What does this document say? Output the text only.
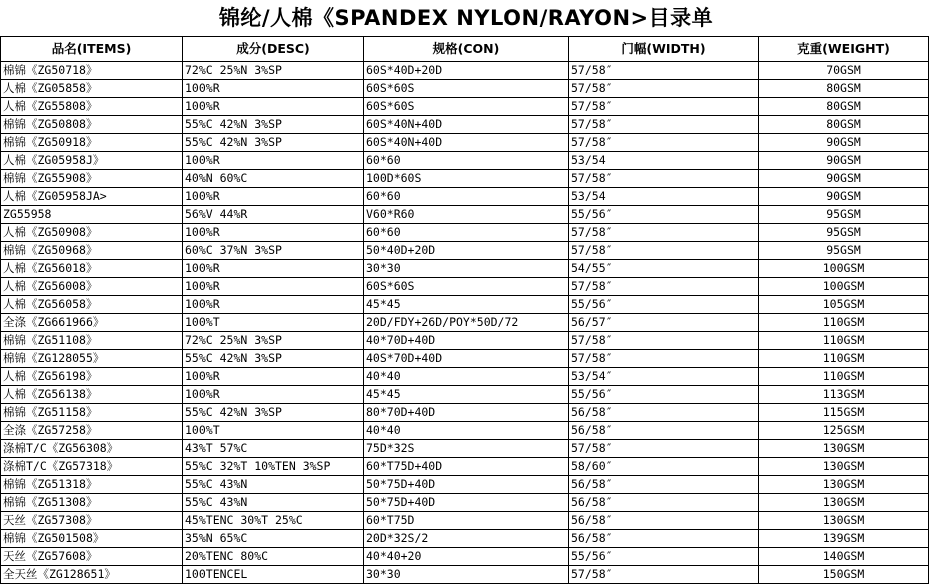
锦纶/人棉《SPANDEX NYLON/RAYON>目录单
品名(ITEMS)	成分(DESC)	规格(CON)	门幅(WIDTH)	克重(WEIGHT)
棉锦《ZG50718》	72%C 25%N 3%SP	60S*40D+20D	57/58″	70GSM
人棉《ZG05858》	100%R	60S*60S	57/58″	80GSM
人棉《ZG55808》	100%R	60S*60S	57/58″	80GSM
棉锦《ZG50808》	55%C 42%N 3%SP	60S*40N+40D	57/58″	80GSM
棉锦《ZG50918》	55%C 42%N 3%SP	60S*40N+40D	57/58″	90GSM
人棉《ZG05958J》	100%R	60*60	53/54	90GSM
棉锦《ZG55908》	40%N 60%C	100D*60S	57/58″	90GSM
人棉《ZG05958JA>	100%R	60*60	53/54	90GSM
ZG55958	56%V 44%R	V60*R60	55/56″	95GSM
人棉《ZG50908》	100%R	60*60	57/58″	95GSM
棉锦《ZG50968》	60%C 37%N 3%SP	50*40D+20D	57/58″	95GSM
人棉《ZG56018》	100%R	30*30	54/55″	100GSM
人棉《ZG56008》	100%R	60S*60S	57/58″	100GSM
人棉《ZG56058》	100%R	45*45	55/56″	105GSM
全涤《ZG661966》	100%T	20D/FDY+26D/POY*50D/72	56/57″	110GSM
棉锦《ZG51108》	72%C 25%N 3%SP	40*70D+40D	57/58″	110GSM
棉锦《ZG128055》	55%C 42%N 3%SP	40S*70D+40D	57/58″	110GSM
人棉《ZG56198》	100%R	40*40	53/54″	110GSM
人棉《ZG56138》	100%R	45*45	55/56″	113GSM
棉锦《ZG51158》	55%C 42%N 3%SP	80*70D+40D	56/58″	115GSM
全涤《ZG57258》	100%T	40*40	56/58″	125GSM
涤棉T/C《ZG56308》	43%T 57%C	75D*32S	57/58″	130GSM
涤棉T/C《ZG57318》	55%C 32%T 10%TEN 3%SP	60*T75D+40D	58/60″	130GSM
棉锦《ZG51318》	55%C 43%N	50*75D+40D	56/58″	130GSM
棉锦《ZG51308》	55%C 43%N	50*75D+40D	56/58″	130GSM
天丝《ZG57308》	45%TENC 30%T 25%C	60*T75D	56/58″	130GSM
棉锦《ZG501508》	35%N 65%C	20D*32S/2	56/58″	139GSM
天丝《ZG57608》	20%TENC 80%C	40*40+20	55/56″	140GSM
全天丝《ZG128651》	100TENCEL	30*30	57/58″	150GSM
